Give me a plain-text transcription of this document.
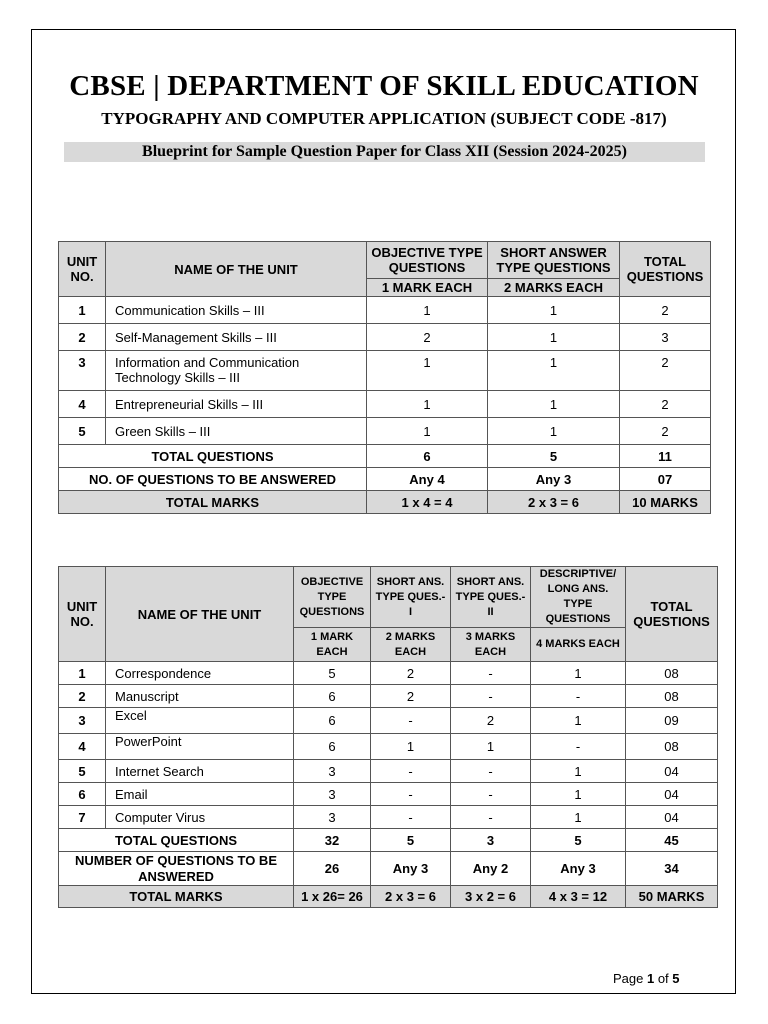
CBSE | DEPARTMENT OF SKILL EDUCATION
TYPOGRAPHY AND COMPUTER APPLICATION (SUBJECT CODE -817)
Blueprint for Sample Question Paper for Class XII (Session 2024-2025)
UNIT NO.	NAME OF THE UNIT	OBJECTIVE TYPE QUESTIONS	SHORT ANSWER TYPE QUESTIONS	TOTAL QUESTIONS
		1 MARK EACH	2 MARKS EACH	
1	Communication Skills – III	1	1	2
2	Self-Management Skills – III	2	1	3
3	Information and Communication Technology Skills – III	1	1	2
4	Entrepreneurial Skills – III	1	1	2
5	Green Skills – III	1	1	2
TOTAL QUESTIONS		6	5	11
NO. OF QUESTIONS TO BE ANSWERED		Any 4	Any 3	07
TOTAL MARKS		1 x 4 = 4	2 x 3 = 6	10 MARKS
UNIT NO.	NAME OF THE UNIT	OBJECTIVE TYPE QUESTIONS	SHORT ANS. TYPE QUES.- I	SHORT ANS. TYPE QUES.- II	DESCRIPTIVE/ LONG ANS. TYPE QUESTIONS	TOTAL QUESTIONS
		1 MARK EACH	2 MARKS EACH	3 MARKS EACH	4 MARKS EACH	
1	Correspondence	5	2	-	1	08
2	Manuscript	6	2	-	-	08
3	Excel	6	-	2	1	09
4	PowerPoint	6	1	1	-	08
5	Internet Search	3	-	-	1	04
6	Email	3	-	-	1	04
7	Computer Virus	3	-	-	1	04
TOTAL QUESTIONS		32	5	3	5	45
NUMBER OF QUESTIONS TO BE ANSWERED		26	Any 3	Any 2	Any 3	34
TOTAL MARKS		1 x 26= 26	2 x 3 = 6	3 x 2 = 6	4 x 3 = 12	50 MARKS
Page 1 of 5
